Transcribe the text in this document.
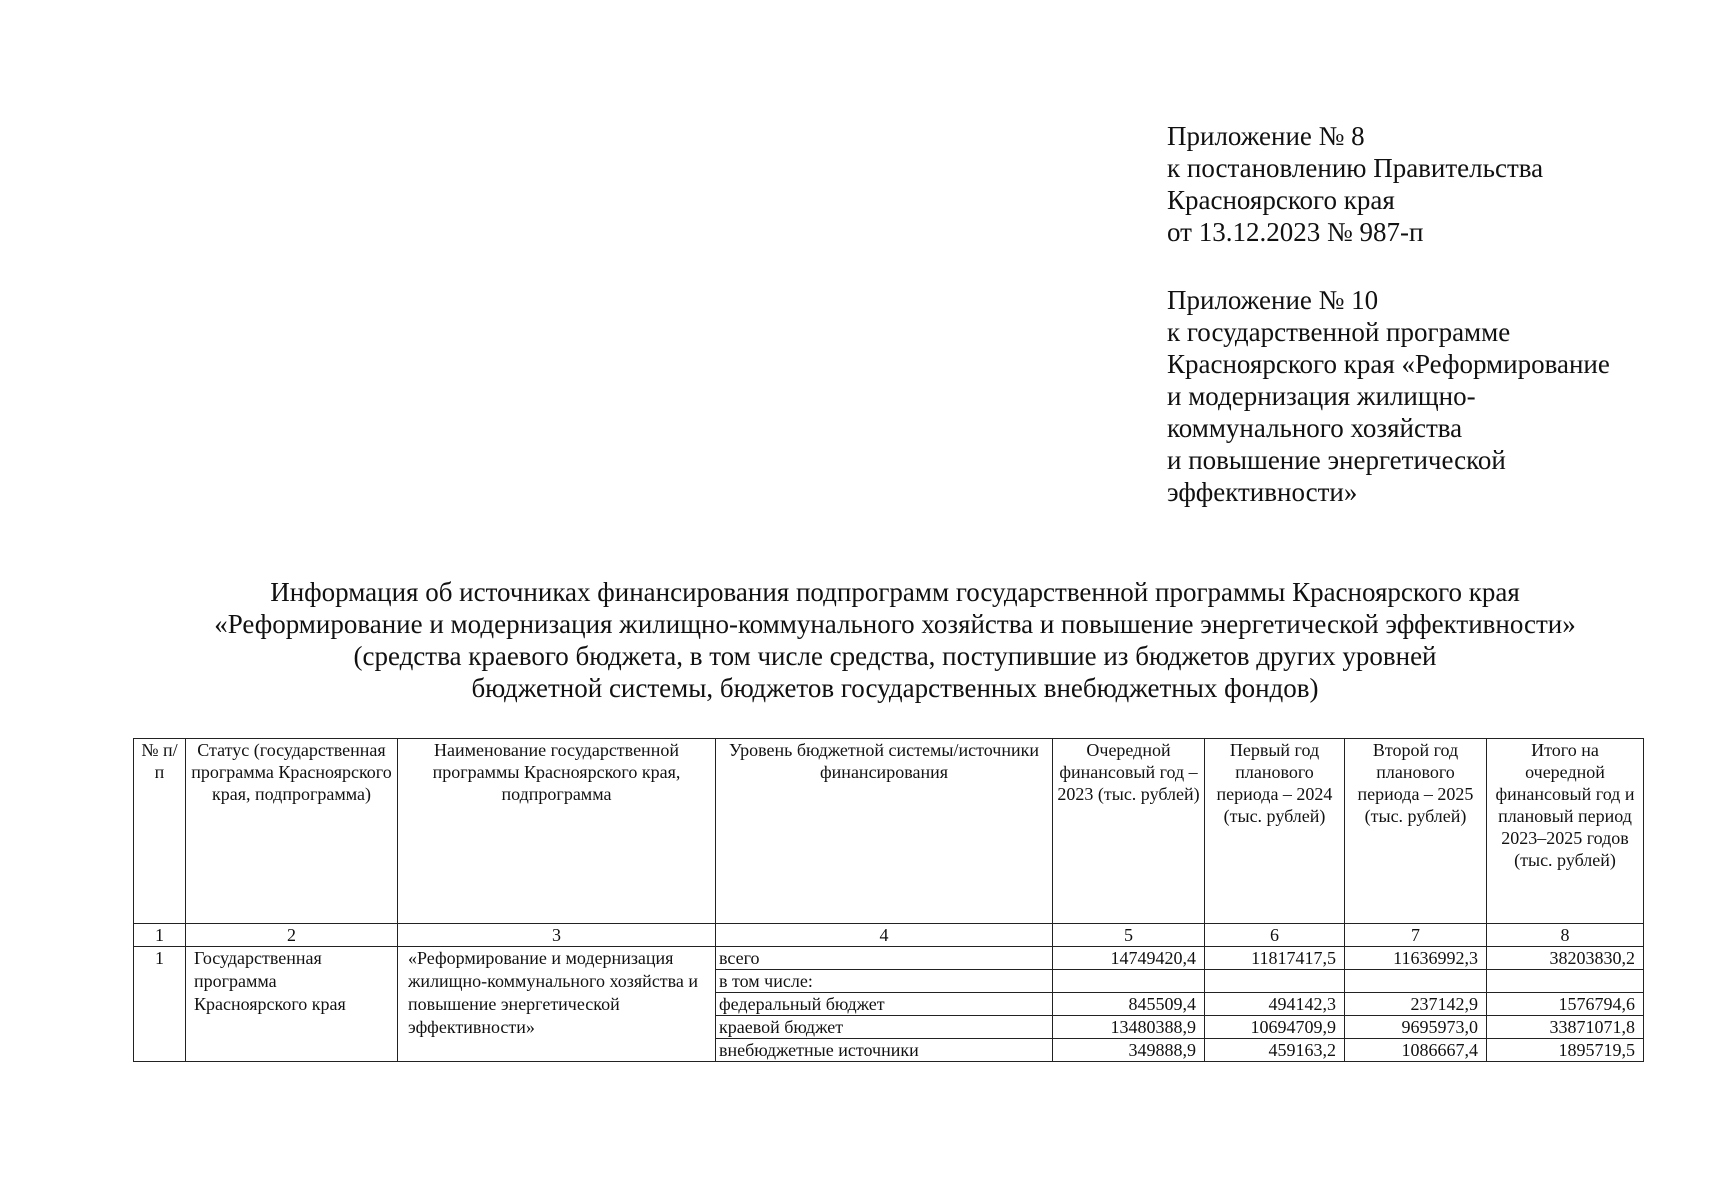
Приложение № 8

к постановлению Правительства

Красноярского края

от 13.12.2023 № 987-п

Приложение № 10

к государственной программе

Красноярского края «Реформирование

и модернизация жилищно-

коммунального хозяйства

и повышение энергетической

эффективности»

Информация об источниках финансирования подпрограмм государственной программы Красноярского края

«Реформирование и модернизация жилищно-коммунального хозяйства и повышение энергетической эффективности»

(средства краевого бюджета, в том числе средства, поступившие из бюджетов других уровней

бюджетной системы, бюджетов государственных внебюджетных фондов)

№ п/п	Статус (государственная программа Красноярского края, подпрограмма)	Наименование государственной программы Красноярского края, подпрограмма	Уровень бюджетной системы/источники финансирования	Очередной финансовый год – 2023 (тыс. рублей)	Первый год планового периода – 2024 (тыс. рублей)	Второй год планового периода – 2025 (тыс. рублей)	Итого на очередной финансовый год и плановый период 2023–2025 годов (тыс. рублей)
1	2	3	4	5	6	7	8
1	Государственная программа Красноярского края	«Реформирование и модернизация жилищно-коммунального хозяйства и повышение энергетической эффективности»	всего	14749420,4	11817417,5	11636992,3	38203830,2
			в том числе:				
			федеральный бюджет	845509,4	494142,3	237142,9	1576794,6
			краевой бюджет	13480388,9	10694709,9	9695973,0	33871071,8
			внебюджетные источники	349888,9	459163,2	1086667,4	1895719,5
